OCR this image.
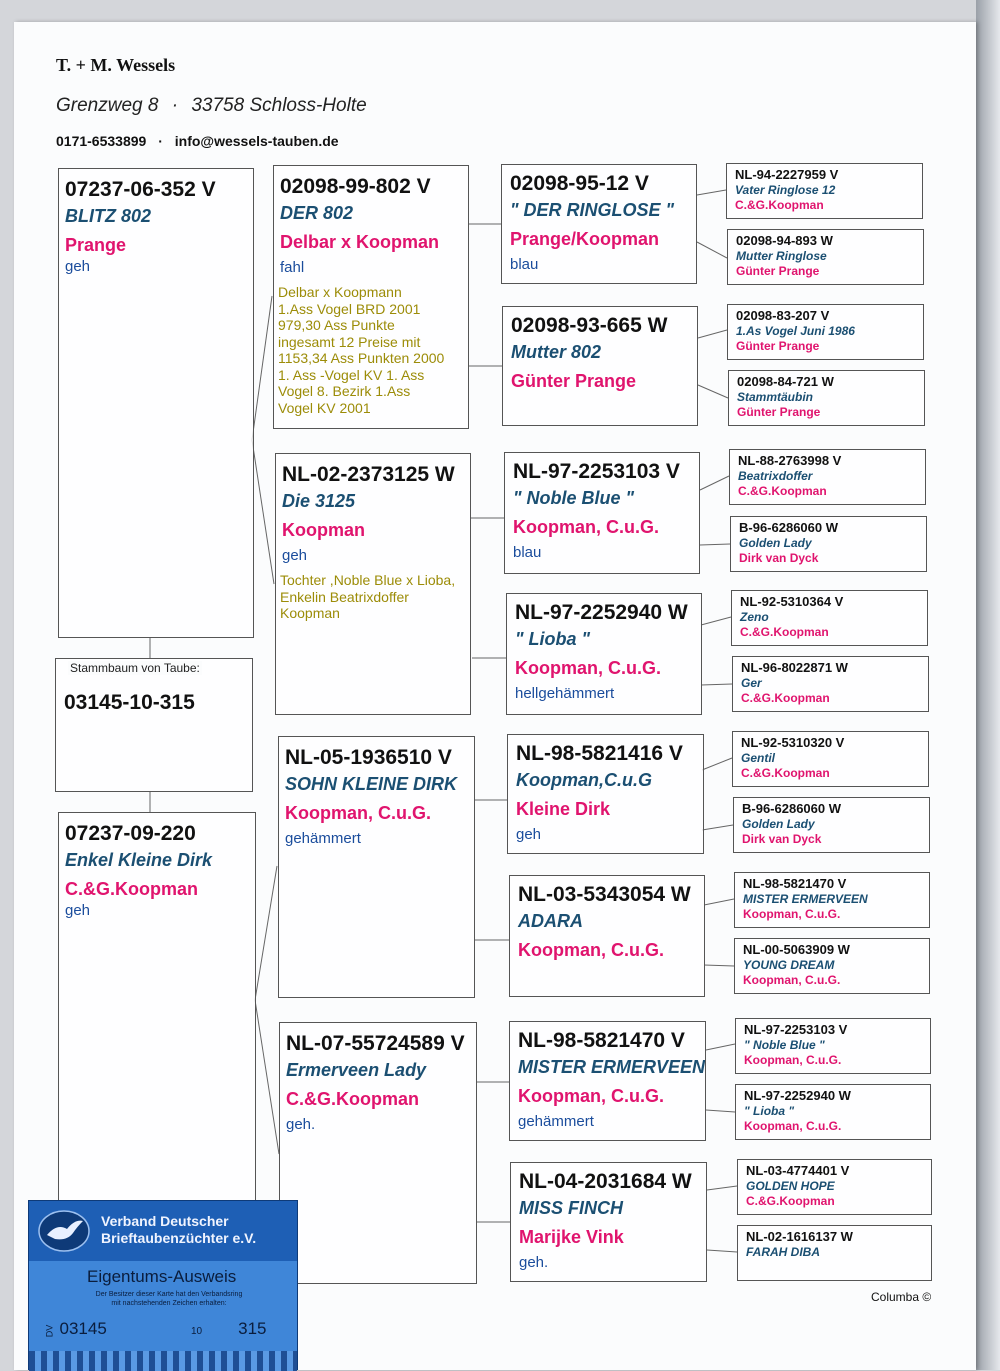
T. + M. Wessels
Grenzweg 8 · 33758 Schloss-Holte
0171-6533899 · info@wessels-tauben.de
07237-06-352 V
BLITZ 802
Prange
geh
Stammbaum von Taube:
03145-10-315
07237-09-220
Enkel Kleine Dirk
C.&G.Koopman
geh
02098-99-802 V
DER 802
Delbar x Koopman
fahl
Delbar x Koopmann
1.Ass Vogel BRD 2001
979,30 Ass Punkte
ingesamt 12 Preise mit
1153,34 Ass Punkten 2000
1. Ass -Vogel KV 1. Ass
Vogel 8. Bezirk 1.Ass
Vogel KV 2001
NL-02-2373125 W
Die 3125
Koopman
geh
Tochter ,Noble Blue x Lioba,
Enkelin Beatrixdoffer
Koopman
NL-05-1936510 V
SOHN KLEINE DIRK
Koopman, C.u.G.
gehämmert
NL-07-55724589 V
Ermerveen Lady
C.&G.Koopman
geh.
02098-95-12 V
" DER RINGLOSE "
Prange/Koopman
blau
02098-93-665 W
Mutter 802
Günter Prange
NL-97-2253103 V
" Noble Blue "
Koopman, C.u.G.
blau
NL-97-2252940 W
" Lioba "
Koopman, C.u.G.
hellgehämmert
NL-98-5821416 V
Koopman,C.u.G
Kleine Dirk
geh
NL-03-5343054 W
ADARA
Koopman, C.u.G.
NL-98-5821470 V
MISTER ERMERVEEN
Koopman, C.u.G.
gehämmert
NL-04-2031684 W
MISS FINCH
Marijke Vink
geh.
NL-94-2227959 V
Vater Ringlose 12
C.&G.Koopman
02098-94-893 W
Mutter Ringlose
Günter Prange
02098-83-207 V
1.As Vogel Juni 1986
Günter Prange
02098-84-721 W
Stammtäubin
Günter Prange
NL-88-2763998 V
Beatrixdoffer
C.&G.Koopman
B-96-6286060 W
Golden Lady
Dirk van Dyck
NL-92-5310364 V
Zeno
C.&G.Koopman
NL-96-8022871 W
Ger
C.&G.Koopman
NL-92-5310320 V
Gentil
C.&G.Koopman
B-96-6286060 W
Golden Lady
Dirk van Dyck
NL-98-5821470 V
MISTER ERMERVEEN
Koopman, C.u.G.
NL-00-5063909 W
YOUNG DREAM
Koopman, C.u.G.
NL-97-2253103 V
" Noble Blue "
Koopman, C.u.G.
NL-97-2252940 W
" Lioba "
Koopman, C.u.G.
NL-03-4774401 V
GOLDEN HOPE
C.&G.Koopman
NL-02-1616137 W
FARAH DIBA
Columba ©
Verband Deutscher
Brieftaubenzüchter e.V.
Eigentums-Ausweis
Der Besitzer dieser Karte hat den Verbandsring
mit nachstehenden Zeichen erhalten:
DV 03145	10 315
